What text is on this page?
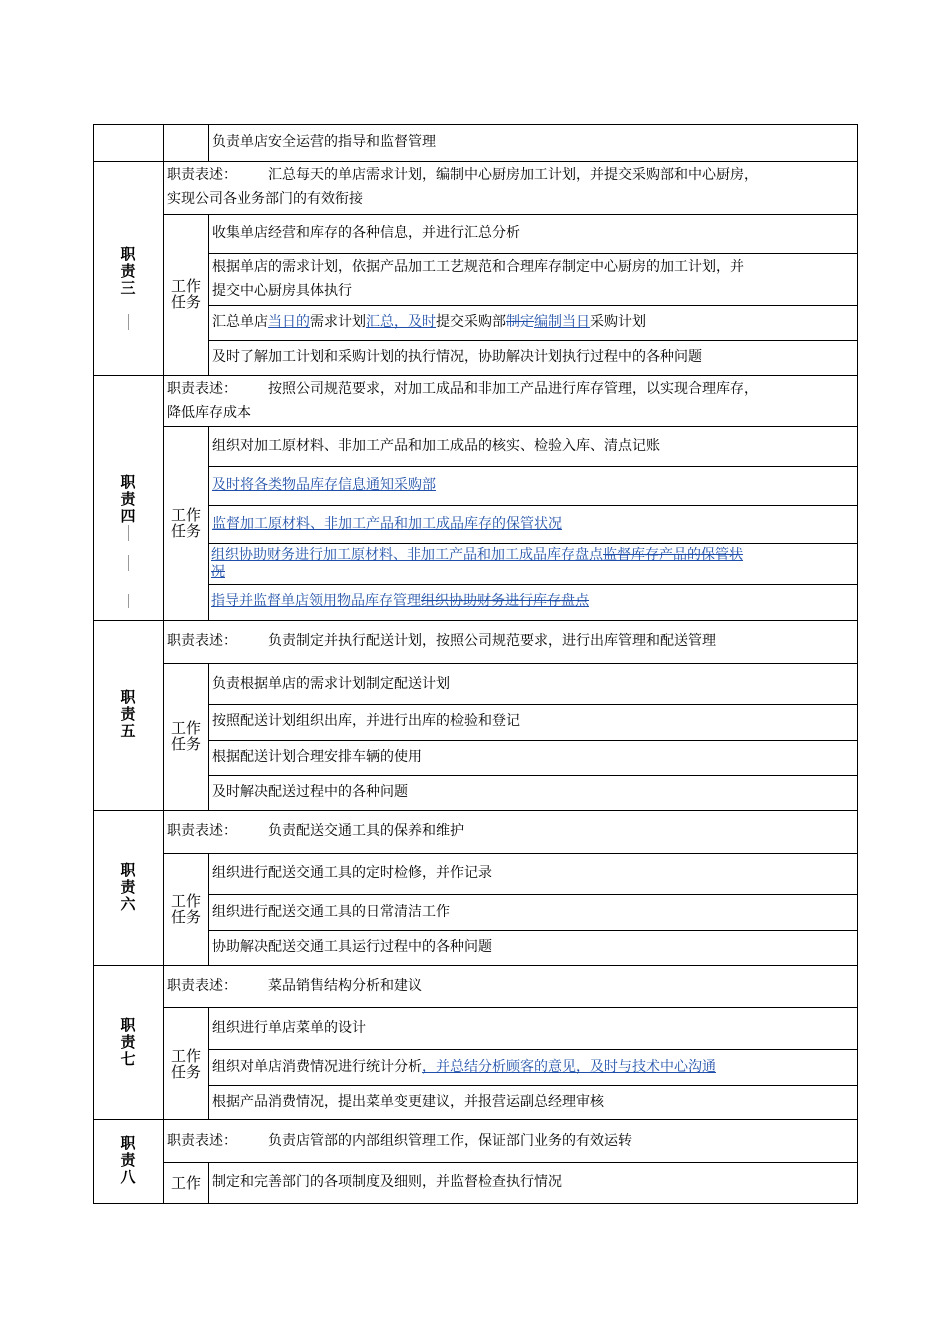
负责单店安全运营的指导和监督管理
职
责
三
职责表述： 汇总每天的单店需求计划，编制中心厨房加工计划，并提交采购部和中心厨房，
实现公司各业务部门的有效衔接
工作
任务
收集单店经营和库存的各种信息，并进行汇总分析
根据单店的需求计划，依据产品加工工艺规范和合理库存制定中心厨房的加工计划，并
提交中心厨房具体执行
汇总单店当日的需求计划汇总，及时提交采购部制定编制当日采购计划
及时了解加工计划和采购计划的执行情况，协助解决计划执行过程中的各种问题
职
责
四
职责表述： 按照公司规范要求，对加工成品和非加工产品进行库存管理，以实现合理库存，
降低库存成本
工作
任务
组织对加工原材料、非加工产品和加工成品的核实、检验入库、清点记账
及时将各类物品库存信息通知采购部
监督加工原材料、非加工产品和加工成品库存的保管状况
组织协助财务进行加工原材料、非加工产品和加工成品库存盘点监督库存产品的保管状
况
指导并监督单店领用物品库存管理组织协助财务进行库存盘点
职
责
五
职责表述： 负责制定并执行配送计划，按照公司规范要求，进行出库管理和配送管理
工作
任务
负责根据单店的需求计划制定配送计划
按照配送计划组织出库，并进行出库的检验和登记
根据配送计划合理安排车辆的使用
及时解决配送过程中的各种问题
职
责
六
职责表述： 负责配送交通工具的保养和维护
工作
任务
组织进行配送交通工具的定时检修，并作记录
组织进行配送交通工具的日常清洁工作
协助解决配送交通工具运行过程中的各种问题
职
责
七
职责表述： 菜品销售结构分析和建议
工作
任务
组织进行单店菜单的设计
组织对单店消费情况进行统计分析，并总结分析顾客的意见，及时与技术中心沟通
根据产品消费情况，提出菜单变更建议，并报营运副总经理审核
职
责
八
职责表述： 负责店管部的内部组织管理工作，保证部门业务的有效运转
工作 制定和完善部门的各项制度及细则，并监督检查执行情况
